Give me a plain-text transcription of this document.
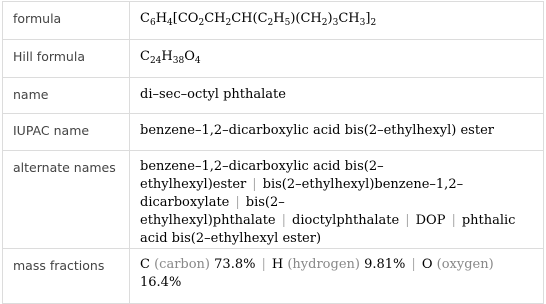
formula	$C_6H_4[CO_2CH_2CH(C_2H_5)(CH_2)_3CH_3]_2$

Hill formula	$C_{24}H_{38}O_4$

name	di–sec–octyl phthalate

IUPAC name	benzene–1,2–dicarboxylic acid bis(2–ethylhexyl) ester

alternate names	benzene–1,2–dicarboxylic acid bis(2–ethylhexyl)ester | bis(2–ethylhexyl)benzene–1,2–dicarboxylate | bis(2–ethylhexyl)phthalate | dioctylphthalate | DOP | phthalic acid bis(2–ethylhexyl ester)

mass fractions	C (carbon) 73.8% | H (hydrogen) 9.81% | O (oxygen) 16.4%
